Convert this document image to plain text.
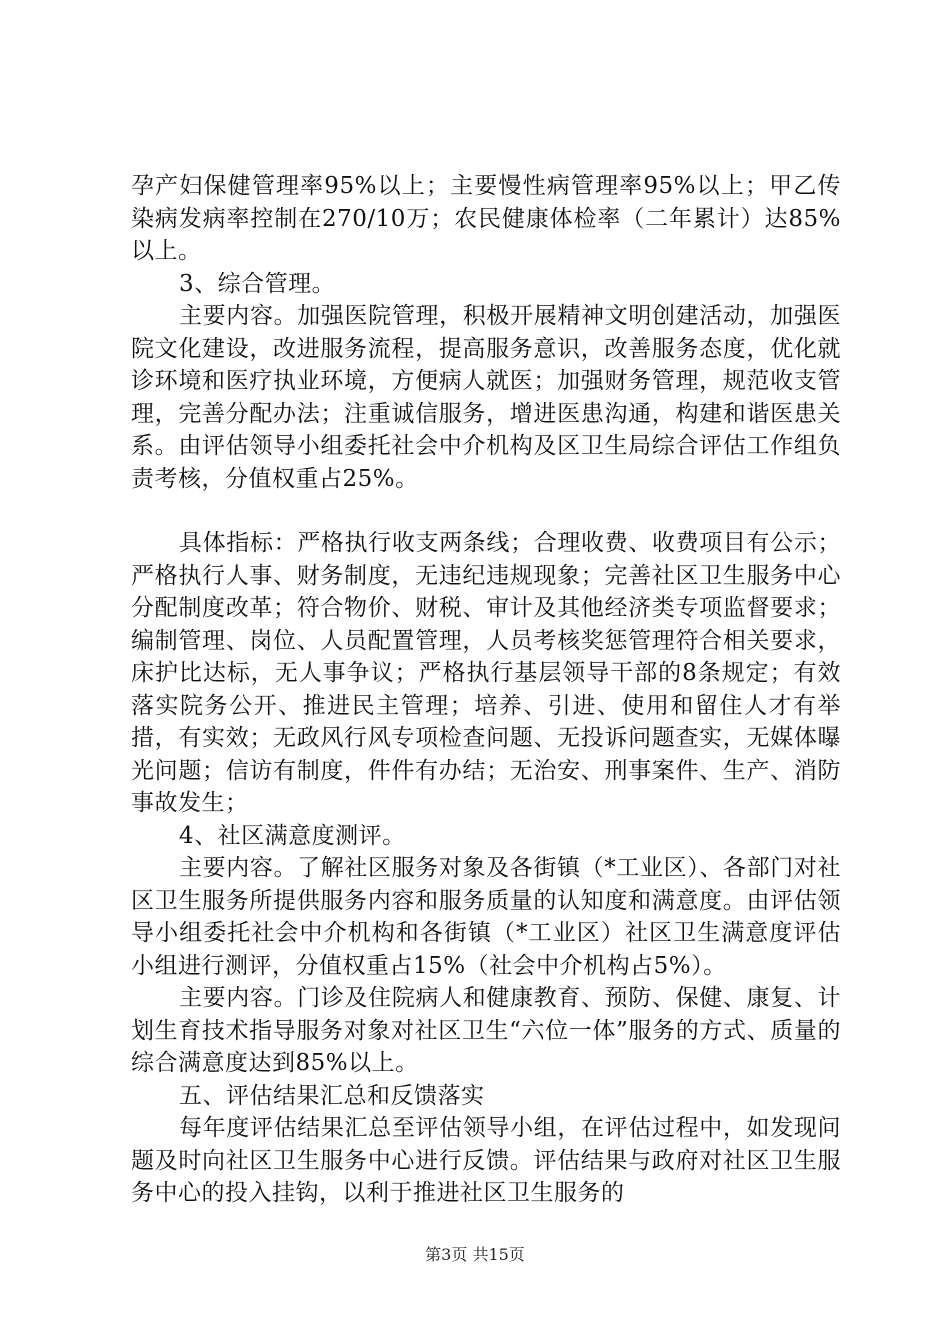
孕产妇保健管理率95%以上；主要慢性病管理率95%以上；甲乙传染病发病率控制在270/10万；农民健康体检率（二年累计）达85%以上。

3、综合管理。

主要内容。加强医院管理，积极开展精神文明创建活动，加强医院文化建设，改进服务流程，提高服务意识，改善服务态度，优化就诊环境和医疗执业环境，方便病人就医；加强财务管理，规范收支管理，完善分配办法；注重诚信服务，增进医患沟通，构建和谐医患关系。由评估领导小组委托社会中介机构及区卫生局综合评估工作组负责考核，分值权重占25%。

具体指标：严格执行收支两条线；合理收费、收费项目有公示；严格执行人事、财务制度，无违纪违规现象；完善社区卫生服务中心分配制度改革；符合物价、财税、审计及其他经济类专项监督要求；编制管理、岗位、人员配置管理，人员考核奖惩管理符合相关要求，床护比达标，无人事争议；严格执行基层领导干部的8条规定；有效落实院务公开、推进民主管理；培养、引进、使用和留住人才有举措，有实效；无政风行风专项检查问题、无投诉问题查实，无媒体曝光问题；信访有制度，件件有办结；无治安、刑事案件、生产、消防事故发生；

4、社区满意度测评。

主要内容。了解社区服务对象及各街镇（*工业区）、各部门对社区卫生服务所提供服务内容和服务质量的认知度和满意度。由评估领导小组委托社会中介机构和各街镇（*工业区）社区卫生满意度评估小组进行测评，分值权重占15%（社会中介机构占5%）。

主要内容。门诊及住院病人和健康教育、预防、保健、康复、计划生育技术指导服务对象对社区卫生“六位一体”服务的方式、质量的综合满意度达到85%以上。

五、评估结果汇总和反馈落实

每年度评估结果汇总至评估领导小组，在评估过程中，如发现问题及时向社区卫生服务中心进行反馈。评估结果与政府对社区卫生服务中心的投入挂钩，以利于推进社区卫生服务的

第3页 共15页
